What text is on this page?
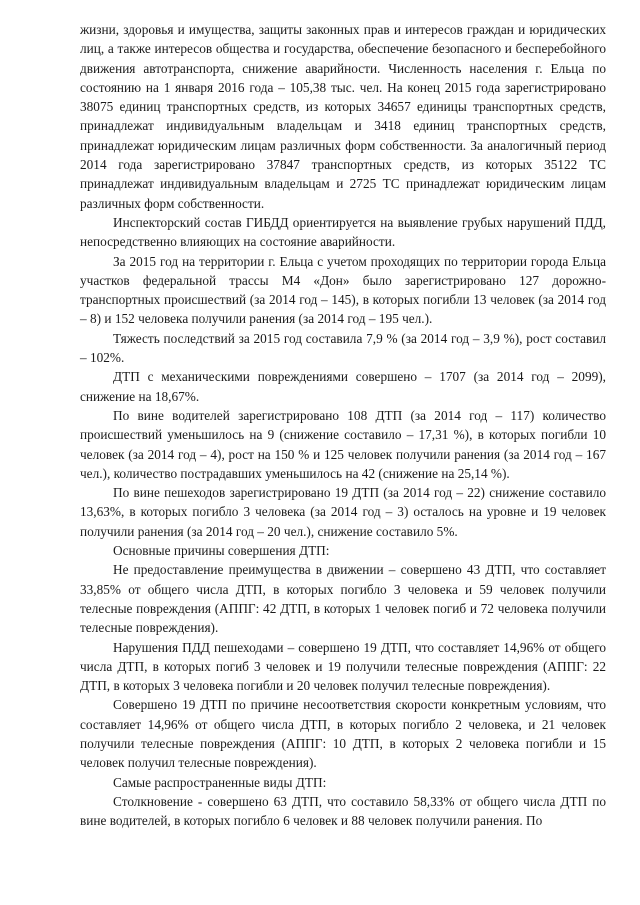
жизни, здоровья и имущества, защиты законных прав и интересов граждан и юридических лиц, а также интересов общества и государства, обеспечение безопасного и бесперебойного движения автотранспорта, снижение аварийности. Численность населения г. Ельца по состоянию на 1 января 2016 года – 105,38 тыс. чел. На конец 2015 года зарегистрировано 38075 единиц транспортных средств, из которых 34657 единицы транспортных средств, принадлежат индивидуальным владельцам и 3418 единиц транспортных средств, принадлежат юридическим лицам различных форм собственности. За аналогичный период 2014 года зарегистрировано 37847 транспортных средств, из которых 35122 ТС принадлежат индивидуальным владельцам и 2725 ТС принадлежат юридическим лицам различных форм собственности.

Инспекторский состав ГИБДД ориентируется на выявление грубых нарушений ПДД, непосредственно влияющих на состояние аварийности.

За 2015 год на территории г. Ельца с учетом проходящих по территории города Ельца участков федеральной трассы М4 «Дон» было зарегистрировано 127 дорожно-транспортных происшествий (за 2014 год – 145), в которых погибли 13 человек (за 2014 год – 8) и 152 человека получили ранения (за 2014 год – 195 чел.).

Тяжесть последствий за 2015 год составила 7,9 % (за 2014 год – 3,9 %), рост составил – 102%.

ДТП с механическими повреждениями совершено – 1707 (за 2014 год – 2099), снижение на 18,67%.

По вине водителей зарегистрировано 108 ДТП (за 2014 год – 117) количество происшествий уменьшилось на 9 (снижение составило – 17,31 %), в которых погибли 10 человек (за 2014 год – 4), рост на 150 % и 125 человек получили ранения (за 2014 год – 167 чел.), количество пострадавших уменьшилось на 42 (снижение на 25,14 %).

По вине пешеходов зарегистрировано 19 ДТП (за 2014 год – 22) снижение составило 13,63%, в которых погибло 3 человека (за 2014 год – 3) осталось на уровне и 19 человек получили ранения (за 2014 год – 20 чел.), снижение составило 5%.

Основные причины совершения ДТП:

Не предоставление преимущества в движении – совершено 43 ДТП, что составляет 33,85% от общего числа ДТП, в которых погибло 3 человека и 59 человек получили телесные повреждения (АППГ: 42 ДТП, в которых 1 человек погиб и 72 человека получили телесные повреждения).

Нарушения ПДД пешеходами – совершено 19 ДТП, что составляет 14,96% от общего числа ДТП, в которых погиб 3 человек и 19 получили телесные повреждения (АППГ: 22 ДТП, в которых 3 человека погибли и 20 человек получил телесные повреждения).

Совершено 19 ДТП по причине несоответствия скорости конкретным условиям, что составляет 14,96% от общего числа ДТП, в которых погибло 2 человека, и 21 человек получили телесные повреждения (АППГ: 10 ДТП, в которых 2 человека погибли и 15 человек получил телесные повреждения).

Самые распространенные виды ДТП:

Столкновение - совершено 63 ДТП, что составило 58,33% от общего числа ДТП по вине водителей, в которых погибло 6 человек и 88 человек получили ранения. По
